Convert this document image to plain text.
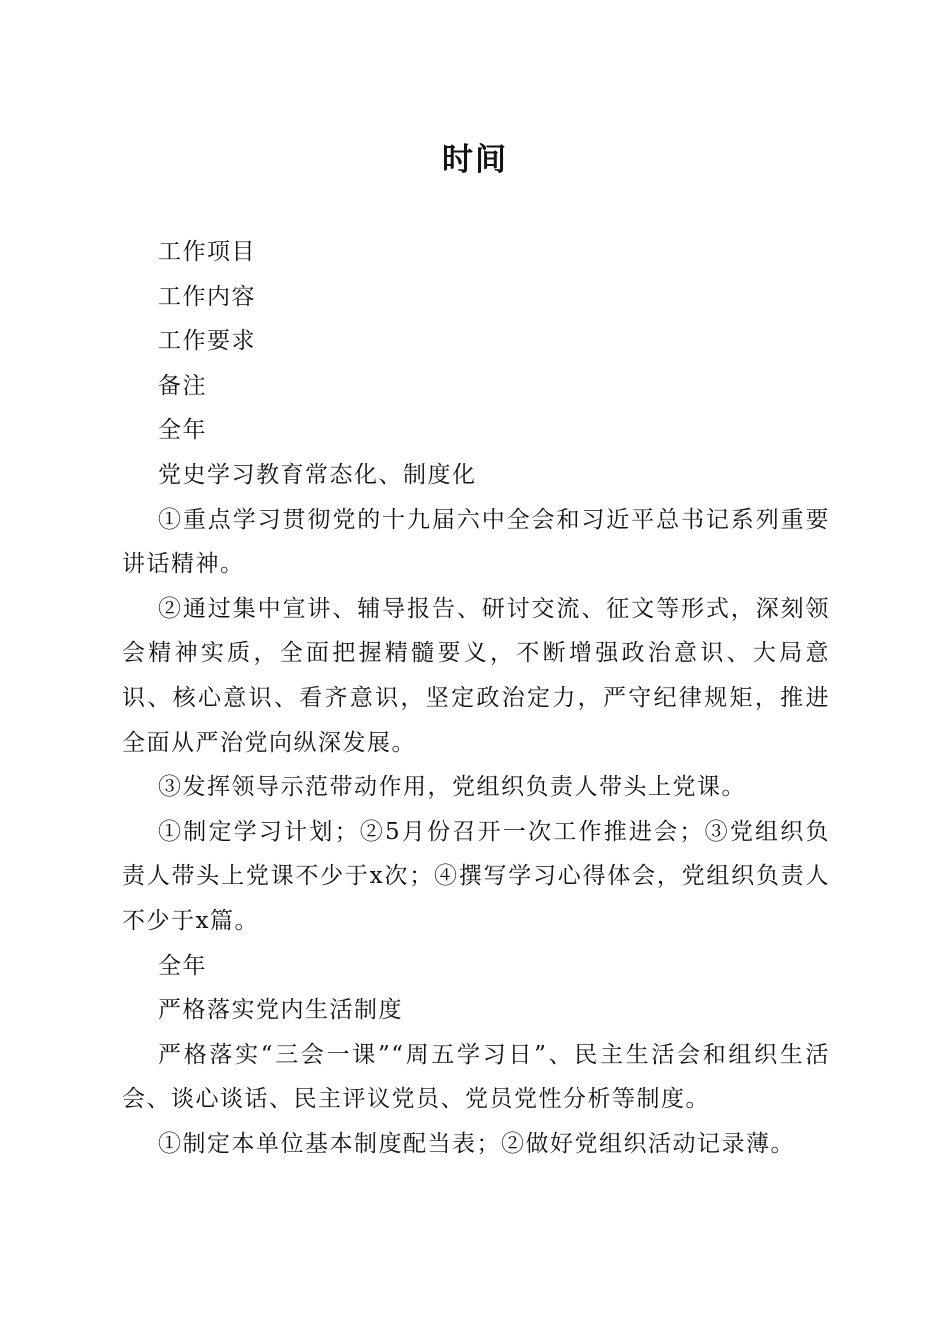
时间

工作项目

工作内容

工作要求

备注

全年

党史学习教育常态化、制度化

①重点学习贯彻党的十九届六中全会和习近平总书记系列重要讲话精神。

②通过集中宣讲、辅导报告、研讨交流、征文等形式，深刻领会精神实质，全面把握精髓要义，不断增强政治意识、大局意识、核心意识、看齐意识，坚定政治定力，严守纪律规矩，推进全面从严治党向纵深发展。

③发挥领导示范带动作用，党组织负责人带头上党课。

①制定学习计划；②5月份召开一次工作推进会；③党组织负责人带头上党课不少于x次；④撰写学习心得体会，党组织负责人不少于x篇。

全年

严格落实党内生活制度

严格落实“三会一课”“周五学习日”、民主生活会和组织生活会、谈心谈话、民主评议党员、党员党性分析等制度。

①制定本单位基本制度配当表；②做好党组织活动记录薄。
